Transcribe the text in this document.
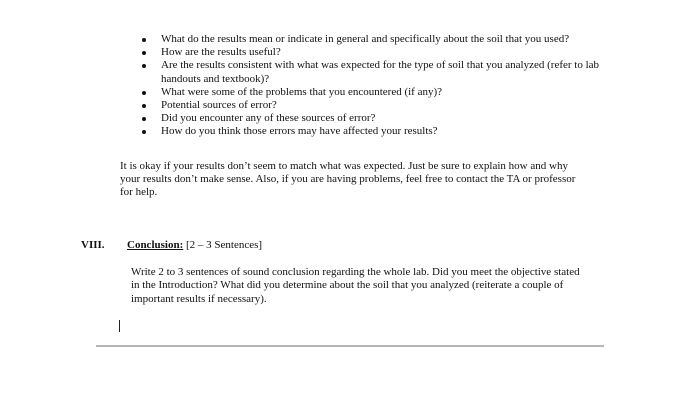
What do the results mean or indicate in general and specifically about the soil that you used?
How are the results useful?
Are the results consistent with what was expected for the type of soil that you analyzed (refer to lab handouts and textbook)?
What were some of the problems that you encountered (if any)?
Potential sources of error?
Did you encounter any of these sources of error?
How do you think those errors may have affected your results?

It is okay if your results don’t seem to match what was expected. Just be sure to explain how and why your results don’t make sense. Also, if you are having problems, feel free to contact the TA or professor for help.

VIII. Conclusion: [2 – 3 Sentences]

Write 2 to 3 sentences of sound conclusion regarding the whole lab. Did you meet the objective stated in the Introduction? What did you determine about the soil that you analyzed (reiterate a couple of important results if necessary).
